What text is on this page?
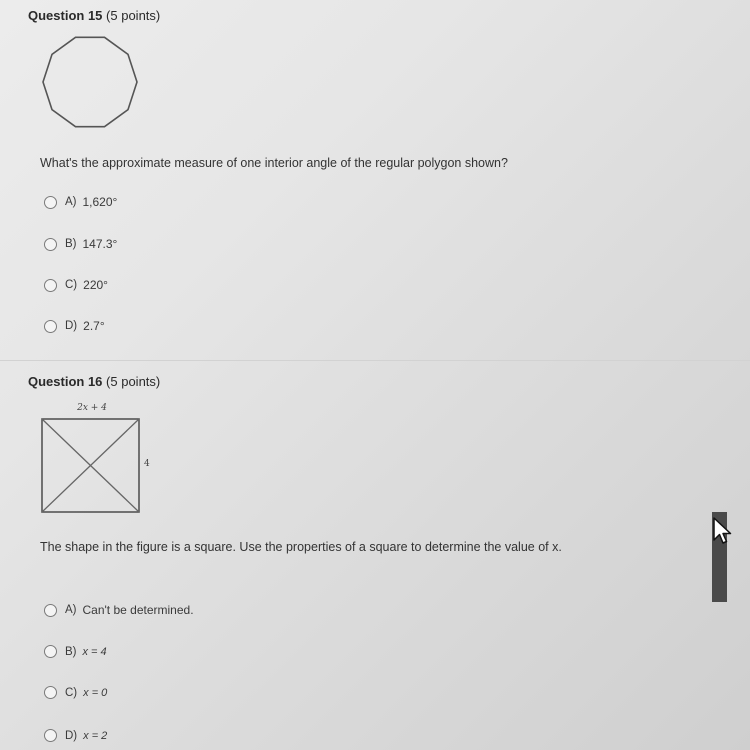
Question 15 (5 points)
What's the approximate measure of one interior angle of the regular polygon shown?
A) 1,620°
B) 147.3°
C) 220°
D) 2.7°
Question 16 (5 points)
2x + 4
4
The shape in the figure is a square. Use the properties of a square to determine the value of x.
A) Can't be determined.
B) x = 4
C) x = 0
D) x = 2
